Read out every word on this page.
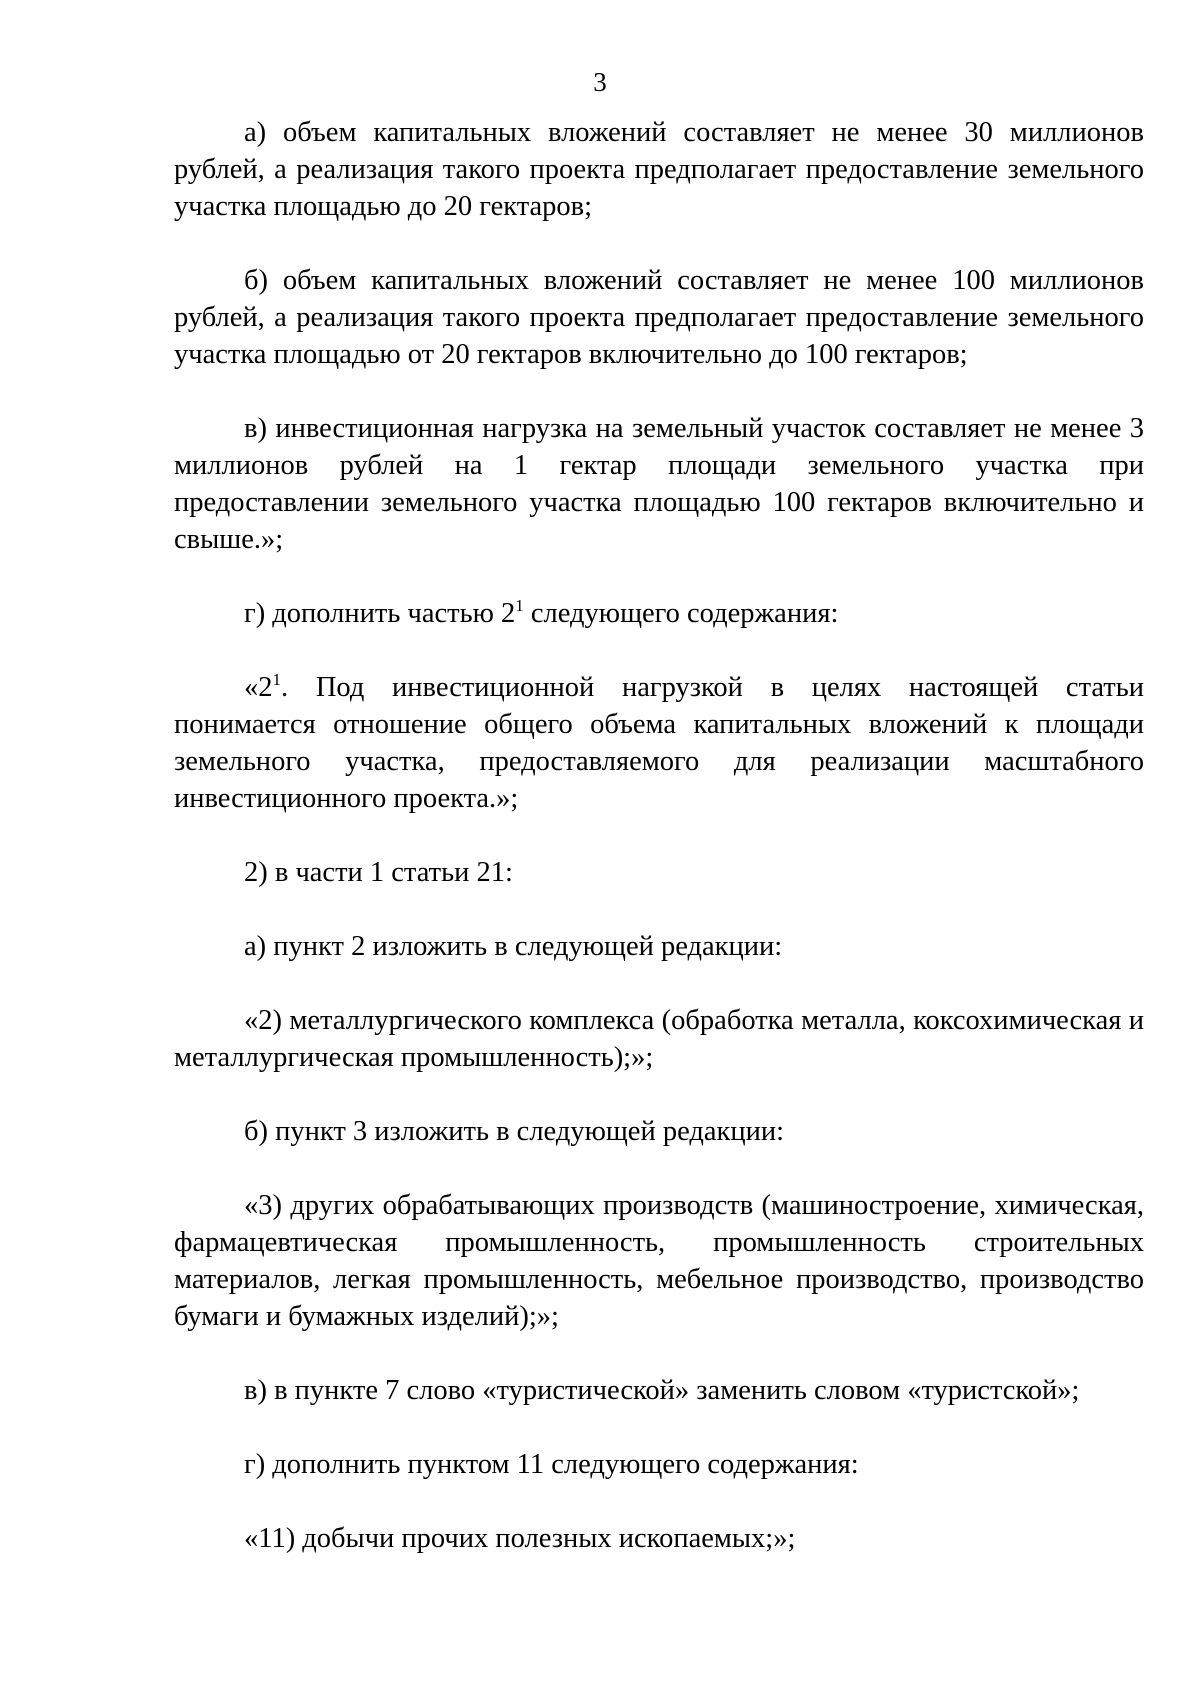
3

а) объем капитальных вложений составляет не менее 30 миллионов рублей, а реализация такого проекта предполагает предоставление земельного участка площадью до 20 гектаров;

б) объем капитальных вложений составляет не менее 100 миллионов рублей, а реализация такого проекта предполагает предоставление земельного участка площадью от 20 гектаров включительно до 100 гектаров;

в) инвестиционная нагрузка на земельный участок составляет не менее 3 миллионов рублей на 1 гектар площади земельного участка при предоставлении земельного участка площадью 100 гектаров включительно и свыше.»;

г) дополнить частью $2^1$ следующего содержания:

«$2^1$. Под инвестиционной нагрузкой в целях настоящей статьи понимается отношение общего объема капитальных вложений к площади земельного участка, предоставляемого для реализации масштабного инвестиционного проекта.»;

2) в части 1 статьи 21:

а) пункт 2 изложить в следующей редакции:

«2) металлургического комплекса (обработка металла, коксохимическая и металлургическая промышленность);»;

б) пункт 3 изложить в следующей редакции:

«3) других обрабатывающих производств (машиностроение, химическая, фармацевтическая промышленность, промышленность строительных материалов, легкая промышленность, мебельное производство, производство бумаги и бумажных изделий);»;

в) в пункте 7 слово «туристической» заменить словом «туристской»;

г) дополнить пунктом 11 следующего содержания:

«11) добычи прочих полезных ископаемых;»;
